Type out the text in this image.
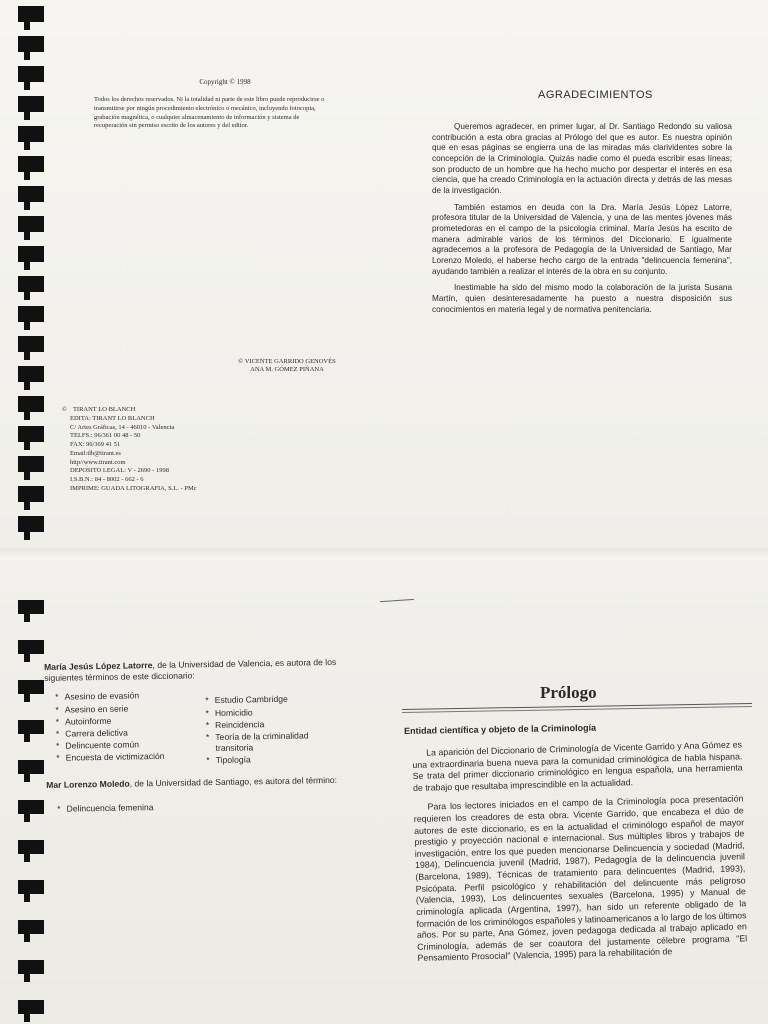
Copyright © 1998
Todos los derechos reservados. Ni la totalidad ni parte de este libro puede reproducirse o transmitirse por ningún procedimiento electrónico o mecánico, incluyendo fotocopia, grabación magnética, o cualquier almacenamiento de información y sistema de recuperación sin permiso escrito de los autores y del editor.
© VICENTE GARRIDO GENOVÉS
ANA M. GÓMEZ PIÑANA
© TIRANT LO BLANCH
EDITA: TIRANT LO BLANCH
C/ Artes Gráficas, 14 - 46010 - Valencia
TELFS.: 96/361 00 48 - 50
FAX: 96/369 41 51
Email:tlb@tirant.es
http//www.tirant.com
DEPOSITO LEGAL: V - 2690 - 1998
I.S.B.N.: 84 - 8002 - 662 - 6
IMPRIME: GUADA LITOGRAFIA, S.L. - PMc
AGRADECIMIENTOS

Queremos agradecer, en primer lugar, al Dr. Santiago Redondo su valiosa contribución a esta obra gracias al Prólogo del que es autor. Es nuestra opinión que en esas páginas se engierra una de las miradas más clarividentes sobre la concepción de la Criminología. Quizás nadie como él pueda escribir esas líneas; son producto de un hombre que ha hecho mucho por despertar el interés en esa ciencia, que ha creado Criminología en la actuación directa y detrás de las mesas de la investigación.

También estamos en deuda con la Dra. María Jesús López Latorre, profesora titular de la Universidad de Valencia, y una de las mentes jóvenes más prometedoras en el campo de la psicología criminal. María Jesús ha escrito de manera admirable varios de los términos del Diccionario. E igualmente agradecemos a la profesora de Pedagogía de la Universidad de Santiago, Mar Lorenzo Moledo, el haberse hecho cargo de la entrada "delincuencia femenina", ayudando también a realizar el interés de la obra en su conjunto.

Inestimable ha sido del mismo modo la colaboración de la jurista Susana Martín, quien desinteresadamente ha puesto a nuestra disposición sus conocimientos en materia legal y de normativa penitenciaria.

María Jesús López Latorre, de la Universidad de Valencia, es autora de los siguientes términos de este diccionario:
* Asesino de evasión
* Asesino en serie
* Autoinforme
* Carrera delictiva
* Delincuente común
* Encuesta de victimización
* Estudio Cambridge
* Homicidio
* Reincidencia
* Teoría de la criminalidad transitoria
* Tipología
Mar Lorenzo Moledo, de la Universidad de Santiago, es autora del término:
* Delincuencia femenina
Prólogo
Entidad científica y objeto de la Criminología

La aparición del Diccionario de Criminología de Vicente Garrido y Ana Gómez es una extraordinaria buena nueva para la comunidad criminológica de habla hispana. Se trata del primer diccionario criminológico en lengua española, una herramienta de trabajo que resultaba imprescindible en la actualidad.

Para los lectores iniciados en el campo de la Criminología poca presentación requieren los creadores de esta obra. Vicente Garrido, que encabeza el dúo de autores de este diccionario, es en la actualidad el criminólogo español de mayor prestigio y proyección nacional e internacional. Sus múltiples libros y trabajos de investigación, entre los que pueden mencionarse Delincuencia y sociedad (Madrid, 1984), Delincuencia juvenil (Madrid, 1987), Pedagogía de la delincuencia juvenil (Barcelona, 1989), Técnicas de tratamiento para delincuentes (Madrid, 1993), Psicópata. Perfil psicológico y rehabilitación del delincuente más peligroso (Valencia, 1993), Los delincuentes sexuales (Barcelona, 1995) y Manual de criminología aplicada (Argentina, 1997), han sido un referente obligado de la formación de los criminólogos españoles y latinoamericanos a lo largo de los últimos años. Por su parte, Ana Gómez, joven pedagoga dedicada al trabajo aplicado en Criminología, además de ser coautora del justamente célebre programa "El Pensamiento Prosocial" (Valencia, 1995) para la rehabilitación de
